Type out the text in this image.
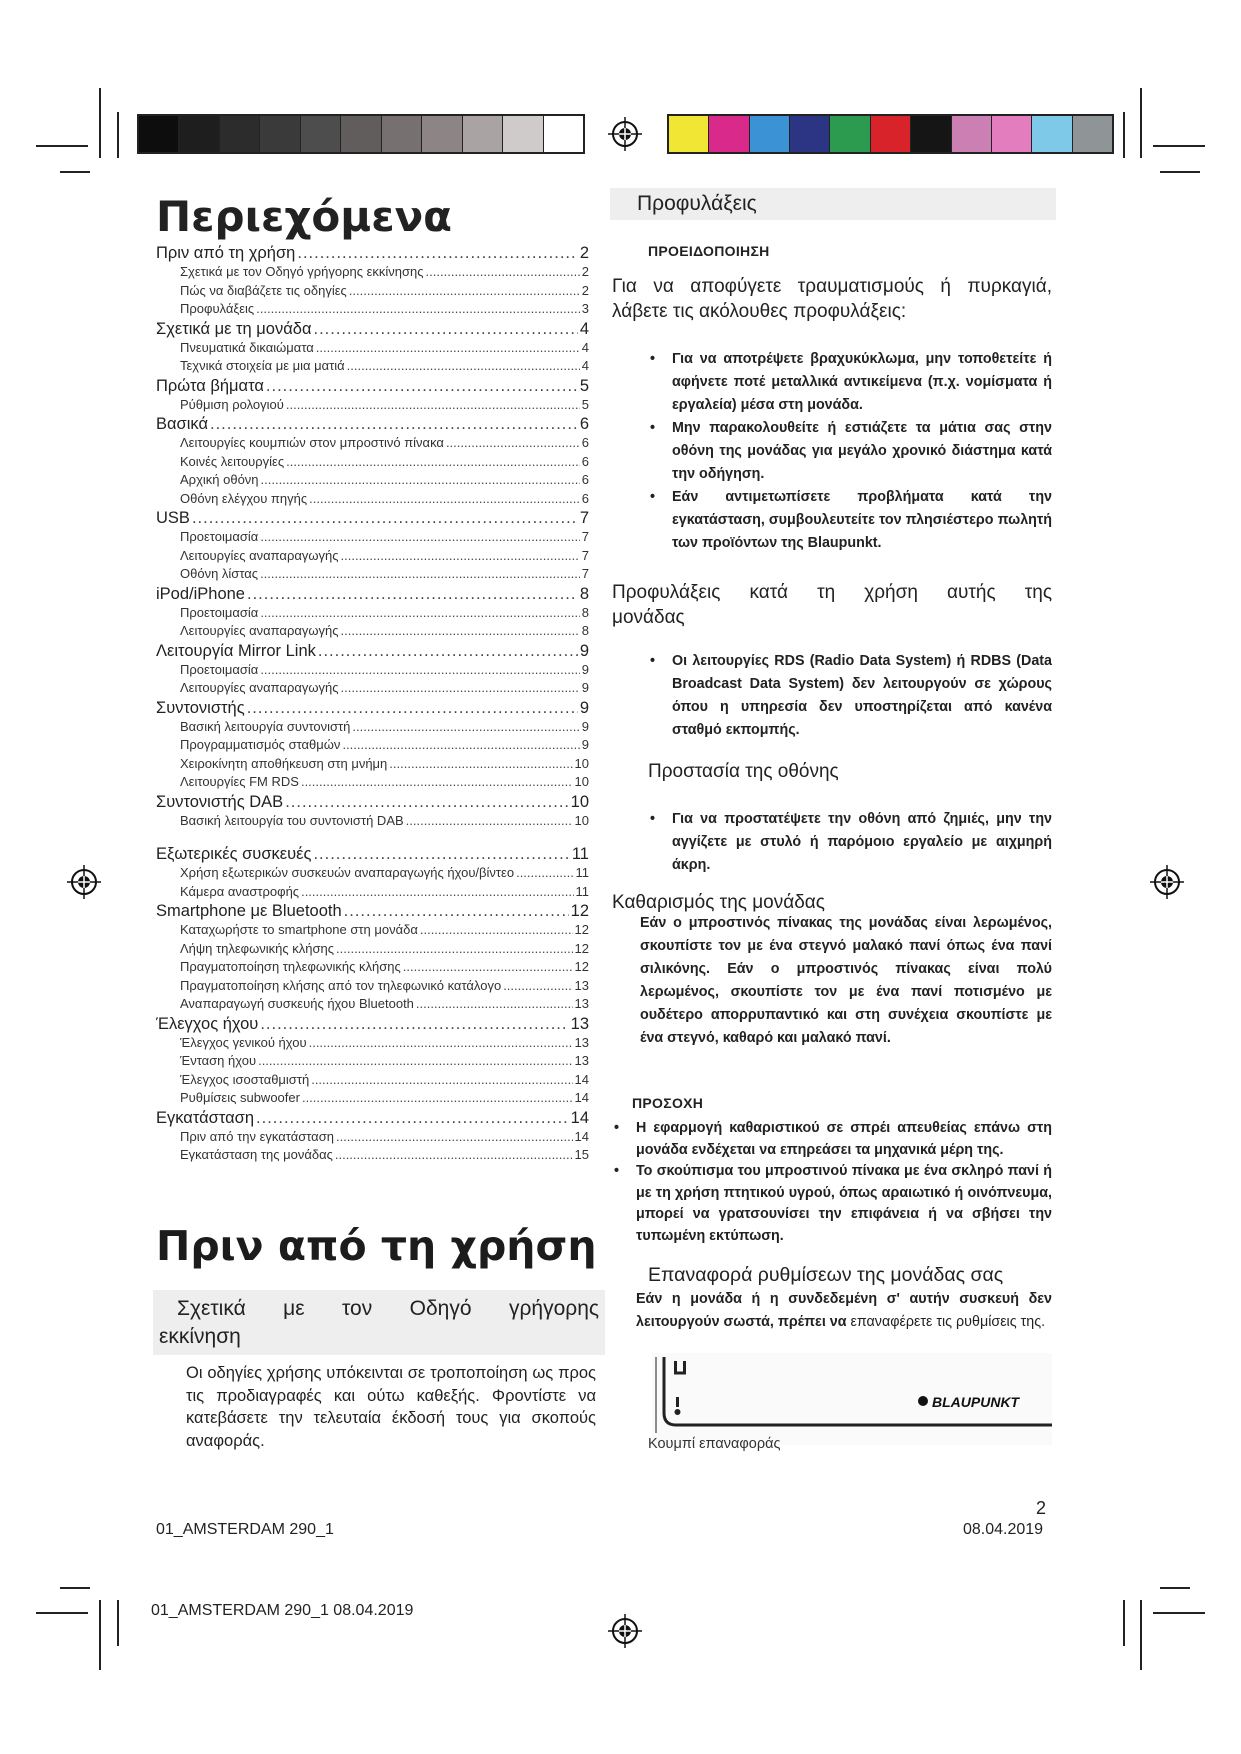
Περιεχόμενα
Πριν από τη χρήση .....	2
Σχετικά με τον Οδηγό γρήγορης εκκίνησης .....	2
Πώς να διαβάζετε τις οδηγίες .....	2
Προφυλάξεις .....	3
Σχετικά με τη μονάδα .....	4
Πνευματικά δικαιώματα .....	4
Τεχνικά στοιχεία με μια ματιά .....	4
Πρώτα βήματα .....	5
Ρύθμιση ρολογιού .....	5
Βασικά .....	6
Λειτουργίες κουμπιών στον μπροστινό πίνακα .....	6
Κοινές λειτουργίες .....	6
Αρχική οθόνη .....	6
Οθόνη ελέγχου πηγής .....	6
USB .....	7
Προετοιμασία .....	7
Λειτουργίες αναπαραγωγής .....	7
Οθόνη λίστας .....	7
iPod/iPhone .....	8
Προετοιμασία .....	8
Λειτουργίες αναπαραγωγής .....	8
Λειτουργία Mirror Link .....	9
Προετοιμασία .....	9
Λειτουργίες αναπαραγωγής .....	9
Συντονιστής .....	9
Βασική λειτουργία συντονιστή .....	9
Προγραμματισμός σταθμών .....	9
Χειροκίνητη αποθήκευση στη μνήμη .....	10
Λειτουργίες FM RDS .....	10
Συντονιστής DAB .....	10
Βασική λειτουργία του συντονιστή DAB .....	10
Εξωτερικές συσκευές .....	11
Χρήση εξωτερικών συσκευών αναπαραγωγής ήχου/βίντεο .....	11
Κάμερα αναστροφής .....	11
Smartphone με Bluetooth .....	12
Καταχωρήστε το smartphone στη μονάδα .....	12
Λήψη τηλεφωνικής κλήσης .....	12
Πραγματοποίηση τηλεφωνικής κλήσης .....	12
Πραγματοποίηση κλήσης από τον τηλεφωνικό κατάλογο .....	13
Αναπαραγωγή συσκευής ήχου Bluetooth .....	13
Έλεγχος ήχου .....	13
Έλεγχος γενικού ήχου .....	13
Ένταση ήχου .....	13
Έλεγχος ισοσταθμιστή .....	14
Ρυθμίσεις subwoofer .....	14
Εγκατάσταση .....	14
Πριν από την εγκατάσταση .....	14
Εγκατάσταση της μονάδας .....	15
Πριν από τη χρήση
Σχετικά με τον Οδηγό γρήγορης
εκκίνηση

Οι οδηγίες χρήσης υπόκεινται σε τροποποίηση ως προς τις προδιαγραφές και ούτω καθεξής. Φροντίστε να κατεβάσετε την τελευταία έκδοσή τους για σκοπούς αναφοράς.

Προφυλάξεις

ΠΡΟΕΙΔΟΠΟΙΗΣΗ

Για να αποφύγετε τραυματισμούς ή πυρκαγιά, λάβετε τις ακόλουθες προφυλάξεις:

• Για να αποτρέψετε βραχυκύκλωμα, μην τοποθετείτε ή αφήνετε ποτέ μεταλλικά αντικείμενα (π.χ. νομίσματα ή εργαλεία) μέσα στη μονάδα.
• Μην παρακολουθείτε ή εστιάζετε τα μάτια σας στην οθόνη της μονάδας για μεγάλο χρονικό διάστημα κατά την οδήγηση.
• Εάν αντιμετωπίσετε προβλήματα κατά την εγκατάσταση, συμβουλευτείτε τον πλησιέστερο πωλητή των προϊόντων της Blaupunkt.
Προφυλάξεις κατά τη χρήση αυτής της
μονάδας
• Οι λειτουργίες RDS (Radio Data System) ή RDBS (Data Broadcast Data System) δεν λειτουργούν σε χώρους όπου η υπηρεσία δεν υποστηρίζεται από κανένα σταθμό εκπομπής.
Προστασία της οθόνης
• Για να προστατέψετε την οθόνη από ζημιές, μην την αγγίζετε με στυλό ή παρόμοιο εργαλείο με αιχμηρή άκρη.
Καθαρισμός της μονάδας

Εάν ο μπροστινός πίνακας της μονάδας είναι λερωμένος, σκουπίστε τον με ένα στεγνό μαλακό πανί όπως ένα πανί σιλικόνης. Εάν ο μπροστινός πίνακας είναι πολύ λερωμένος, σκουπίστε τον με ένα πανί ποτισμένο με ουδέτερο απορρυπαντικό και στη συνέχεια σκουπίστε με ένα στεγνό, καθαρό και μαλακό πανί.

ΠΡΟΣΟΧΗ

• Η εφαρμογή καθαριστικού σε σπρέι απευθείας επάνω στη μονάδα ενδέχεται να επηρεάσει τα μηχανικά μέρη της.
• Το σκούπισμα του μπροστινού πίνακα με ένα σκληρό πανί ή με τη χρήση πτητικού υγρού, όπως αραιωτικό ή οινόπνευμα, μπορεί να γρατσουνίσει την επιφάνεια ή να σβήσει την τυπωμένη εκτύπωση.
Επαναφορά ρυθμίσεων της μονάδας σας

Εάν η μονάδα ή η συνδεδεμένη σ' αυτήν συσκευή δεν λειτουργούν σωστά, πρέπει να επαναφέρετε τις ρυθμίσεις της.

BLAUPUNKT

Κουμπί επαναφοράς

2

01_AMSTERDAM 290_1	08.04.2019

01_AMSTERDAM 290_1 08.04.2019
